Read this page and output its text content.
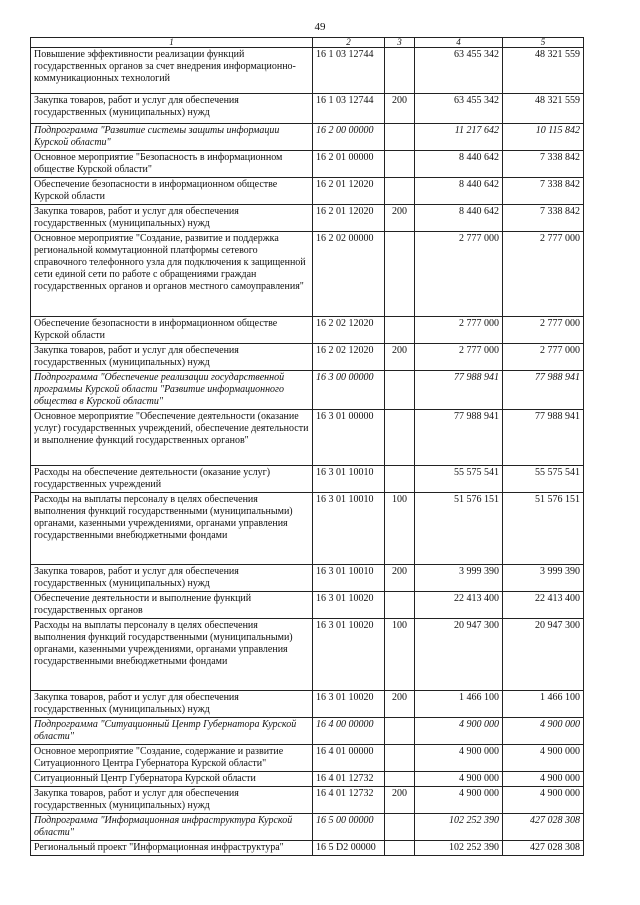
49
1	2	3	4	5
Повышение эффективности реализации функций государственных органов за счет внедрения информационно-коммуникационных технологий	16 1 03 12744		63 455 342	48 321 559
Закупка товаров, работ и услуг для обеспечения государственных (муниципальных) нужд	16 1 03 12744	200	63 455 342	48 321 559
Подпрограмма "Развитие системы защиты информации Курской области"	16 2 00 00000		11 217 642	10 115 842
Основное мероприятие "Безопасность в информационном обществе Курской области"	16 2 01 00000		8 440 642	7 338 842
Обеспечение безопасности в информационном обществе Курской области	16 2 01 12020		8 440 642	7 338 842
Закупка товаров, работ и услуг для обеспечения государственных (муниципальных) нужд	16 2 01 12020	200	8 440 642	7 338 842
Основное мероприятие "Создание, развитие и поддержка региональной коммутационной платформы сетевого справочного телефонного узла для подключения к защищенной сети единой сети по работе с обращениями граждан государственных органов и органов местного самоуправления"	16 2 02 00000		2 777 000	2 777 000
Обеспечение безопасности в информационном обществе Курской области	16 2 02 12020		2 777 000	2 777 000
Закупка товаров, работ и услуг для обеспечения государственных (муниципальных) нужд	16 2 02 12020	200	2 777 000	2 777 000
Подпрограмма "Обеспечение реализации государственной программы Курской области "Развитие информационного общества в Курской области"	16 3 00 00000		77 988 941	77 988 941
Основное мероприятие "Обеспечение деятельности (оказание услуг) государственных учреждений, обеспечение деятельности и выполнение функций государственных органов"	16 3 01 00000		77 988 941	77 988 941
Расходы на обеспечение деятельности (оказание услуг) государственных учреждений	16 3 01 10010		55 575 541	55 575 541
Расходы на выплаты персоналу в целях обеспечения выполнения функций государственными (муниципальными) органами, казенными учреждениями, органами управления государственными внебюджетными фондами	16 3 01 10010	100	51 576 151	51 576 151
Закупка товаров, работ и услуг для обеспечения государственных (муниципальных) нужд	16 3 01 10010	200	3 999 390	3 999 390
Обеспечение деятельности и выполнение функций государственных органов	16 3 01 10020		22 413 400	22 413 400
Расходы на выплаты персоналу в целях обеспечения выполнения функций государственными (муниципальными) органами, казенными учреждениями, органами управления государственными внебюджетными фондами	16 3 01 10020	100	20 947 300	20 947 300
Закупка товаров, работ и услуг для обеспечения государственных (муниципальных) нужд	16 3 01 10020	200	1 466 100	1 466 100
Подпрограмма "Ситуационный Центр Губернатора Курской области"	16 4 00 00000		4 900 000	4 900 000
Основное мероприятие "Создание, содержание и развитие Ситуационного Центра Губернатора Курской области"	16 4 01 00000		4 900 000	4 900 000
Ситуационный Центр Губернатора Курской области	16 4 01 12732		4 900 000	4 900 000
Закупка товаров, работ и услуг для обеспечения государственных (муниципальных) нужд	16 4 01 12732	200	4 900 000	4 900 000
Подпрограмма "Информационная инфраструктура Курской области"	16 5 00 00000		102 252 390	427 028 308
Региональный проект "Информационная инфраструктура"	16 5 D2 00000		102 252 390	427 028 308
